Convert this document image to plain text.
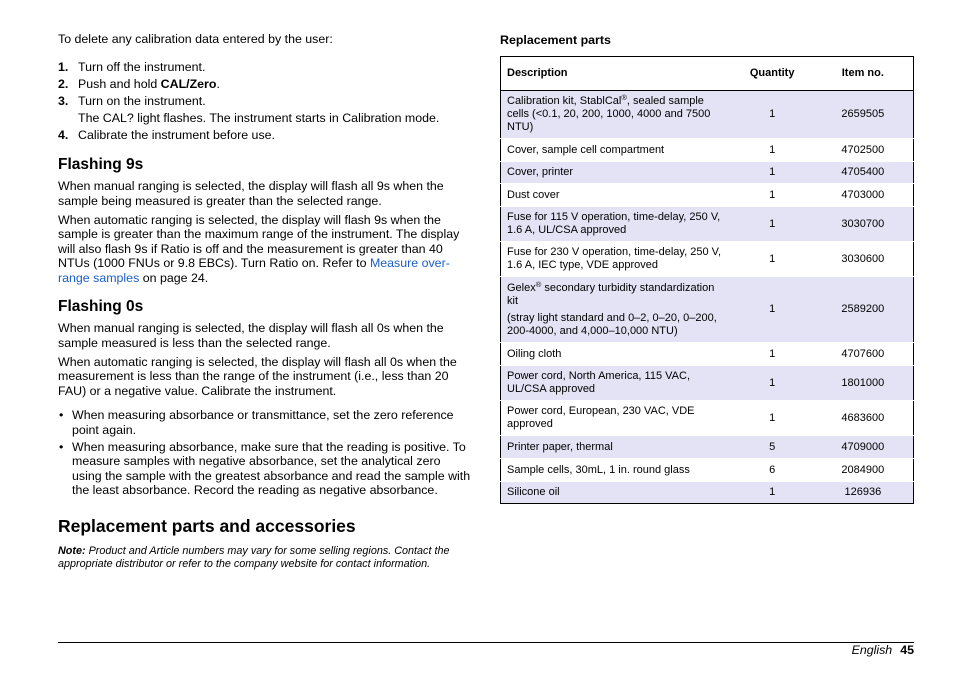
To delete any calibration data entered by the user:

1. Turn off the instrument.
2. Push and hold CAL/Zero.
3. Turn on the instrument.
The CAL? light flashes. The instrument starts in Calibration mode.
4. Calibrate the instrument before use.
Flashing 9s

When manual ranging is selected, the display will flash all 9s when the sample being measured is greater than the selected range.

When automatic ranging is selected, the display will flash 9s when the sample is greater than the maximum range of the instrument. The display will also flash 9s if Ratio is off and the measurement is greater than 40 NTUs (1000 FNUs or 9.8 EBCs). Turn Ratio on. Refer to Measure over-range samples on page 24.

Flashing 0s

When manual ranging is selected, the display will flash all 0s when the sample measured is less than the selected range.

When automatic ranging is selected, the display will flash all 0s when the measurement is less than the range of the instrument (i.e., less than 20 FAU) or a negative value. Calibrate the instrument.

• When measuring absorbance or transmittance, set the zero reference point again.
• When measuring absorbance, make sure that the reading is positive. To measure samples with negative absorbance, set the analytical zero using the sample with the greatest absorbance and read the sample with the least absorbance. Record the reading as negative absorbance.
Replacement parts and accessories

Note: Product and Article numbers may vary for some selling regions. Contact the appropriate distributor or refer to the company website for contact information.

Replacement parts

Description	Quantity	Item no.
Calibration kit, StablCal®, sealed sample cells (<0.1, 20, 200, 1000, 4000 and 7500 NTU)	1	2659505
Cover, sample cell compartment	1	4702500
Cover, printer	1	4705400
Dust cover	1	4703000
Fuse for 115 V operation, time-delay, 250 V, 1.6 A, UL/CSA approved	1	3030700
Fuse for 230 V operation, time-delay, 250 V, 1.6 A, IEC type, VDE approved	1	3030600
Gelex® secondary turbidity standardization kit
(stray light standard and 0–2, 0–20, 0–200, 200-4000, and 4,000–10,000 NTU)	1	2589200
Oiling cloth	1	4707600
Power cord, North America, 115 VAC, UL/CSA approved	1	1801000
Power cord, European, 230 VAC, VDE approved	1	4683600
Printer paper, thermal	5	4709000
Sample cells, 30mL, 1 in. round glass	6	2084900
Silicone oil	1	126936
English 45
